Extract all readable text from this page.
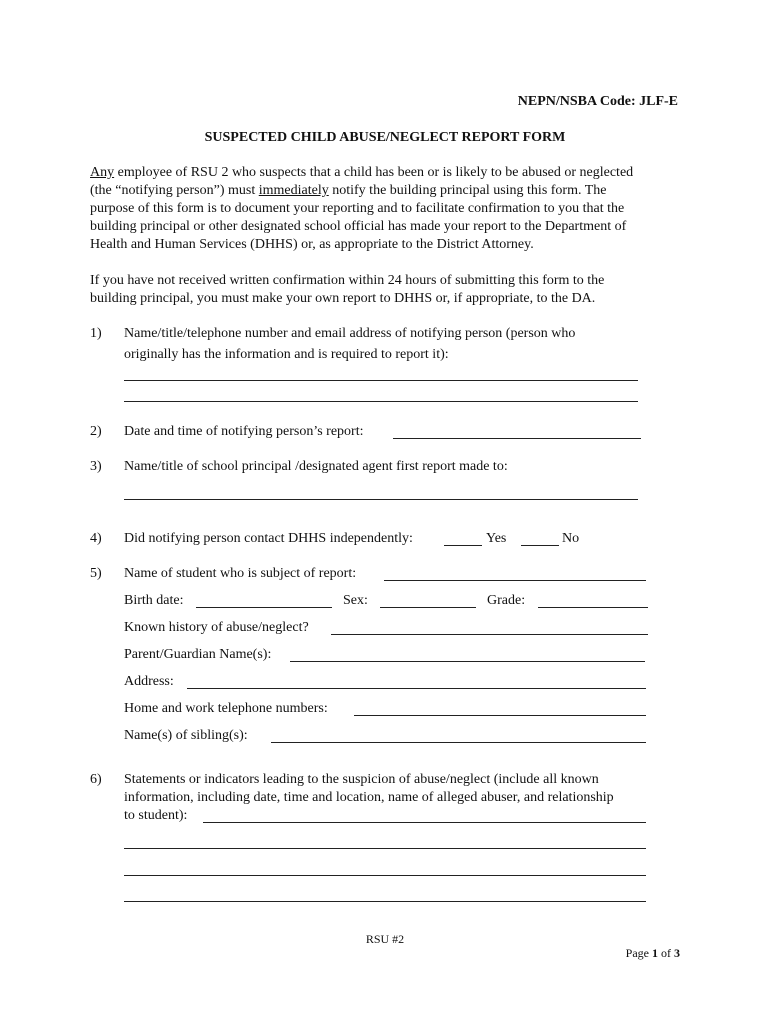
NEPN/NSBA Code: JLF-E
SUSPECTED CHILD ABUSE/NEGLECT REPORT FORM
Any employee of RSU 2 who suspects that a child has been or is likely to be abused or neglected
(the “notifying person”) must immediately notify the building principal using this form. The
purpose of this form is to document your reporting and to facilitate confirmation to you that the
building principal or other designated school official has made your report to the Department of
Health and Human Services (DHHS) or, as appropriate to the District Attorney.
If you have not received written confirmation within 24 hours of submitting this form to the
building principal, you must make your own report to DHHS or, if appropriate, to the DA.
1) Name/title/telephone number and email address of notifying person (person who
originally has the information and is required to report it):
2) Date and time of notifying person’s report:
3) Name/title of school principal /designated agent first report made to:
4) Did notifying person contact DHHS independently:	Yes	No
5) Name of student who is subject of report:
Birth date:	Sex:	Grade:
Known history of abuse/neglect?
Parent/Guardian Name(s):
Address:
Home and work telephone numbers:
Name(s) of sibling(s):
6) Statements or indicators leading to the suspicion of abuse/neglect (include all known
information, including date, time and location, name of alleged abuser, and relationship
to student):
RSU #2
Page 1 of 3
